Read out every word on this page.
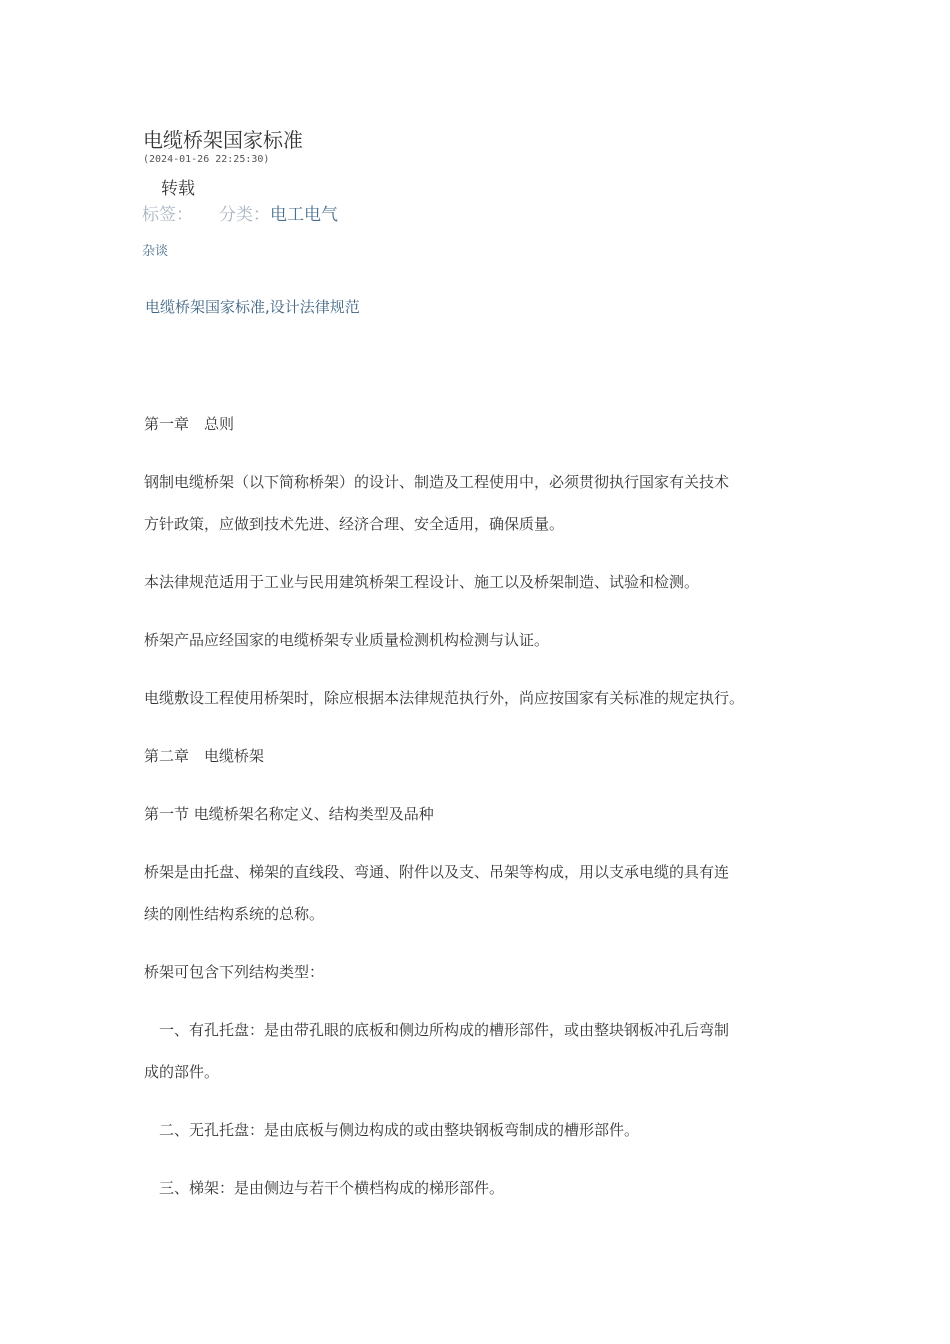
电缆桥架国家标准
(2024-01-26 22:25:30)
转载
标签： 分类：电工电气
杂谈
电缆桥架国家标准,设计法律规范
第一章　总则
钢制电缆桥架（以下简称桥架）的设计、制造及工程使用中，必须贯彻执行国家有关技术
方针政策，应做到技术先进、经济合理、安全适用，确保质量。
本法律规范适用于工业与民用建筑桥架工程设计、施工以及桥架制造、试验和检测。
桥架产品应经国家的电缆桥架专业质量检测机构检测与认证。
电缆敷设工程使用桥架时，除应根据本法律规范执行外，尚应按国家有关标准的规定执行。
第二章　电缆桥架
第一节 电缆桥架名称定义、结构类型及品种
桥架是由托盘、梯架的直线段、弯通、附件以及支、吊架等构成，用以支承电缆的具有连
续的刚性结构系统的总称。
桥架可包含下列结构类型：
　一、有孔托盘：是由带孔眼的底板和侧边所构成的槽形部件，或由整块钢板冲孔后弯制
成的部件。
　二、无孔托盘：是由底板与侧边构成的或由整块钢板弯制成的槽形部件。
　三、梯架：是由侧边与若干个横档构成的梯形部件。
